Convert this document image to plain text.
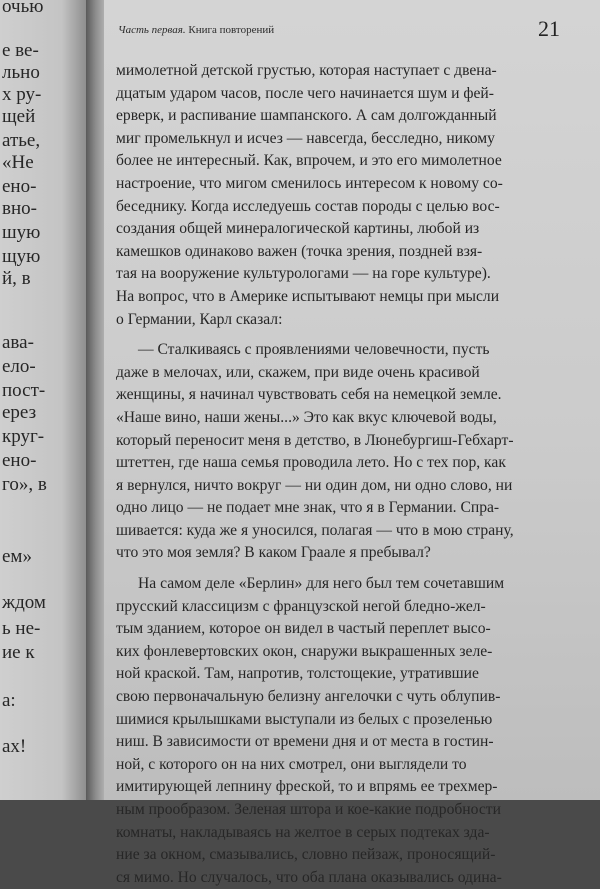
очью
е ве-
льно
х ру-
щей
атье,
«Не
ено-
вно-
шую
щую
й, в
ава-
ело-
пост-
ерез
круг-
ено-
го», в
ем»
ждом
ь не-
ие к
а:
ах!
Часть первая. Книга повторений	21
мимолетной детской грустью, которая наступает с двена-
дцатым ударом часов, после чего начинается шум и фей-
ерверк, и распивание шампанского. А сам долгожданный
миг промелькнул и исчез — навсегда, бесследно, никому
более не интересный. Как, впрочем, и это его мимолетное
настроение, что мигом сменилось интересом к новому со-
беседнику. Когда исследуешь состав породы с целью вос-
создания общей минералогической картины, любой из
камешков одинаково важен (точка зрения, поздней взя-
тая на вооружение культурологами — на горе культуре).
На вопрос, что в Америке испытывают немцы при мысли
о Германии, Карл сказал:
— Сталкиваясь с проявлениями человечности, пусть
даже в мелочах, или, скажем, при виде очень красивой
женщины, я начинал чувствовать себя на немецкой земле.
«Наше вино, наши жены...» Это как вкус ключевой воды,
который переносит меня в детство, в Люнебургиш-Гебхарт-
штеттен, где наша семья проводила лето. Но с тех пор, как
я вернулся, ничто вокруг — ни один дом, ни одно слово, ни
одно лицо — не подает мне знак, что я в Германии. Спра-
шивается: куда же я уносился, полагая — что в мою страну,
что это моя земля? В каком Граале я пребывал?
На самом деле «Берлин» для него был тем сочетавшим
прусский классицизм с французской негой бледно-жел-
тым зданием, которое он видел в частый переплет высо-
ких фонлевертовских окон, снаружи выкрашенных зеле-
ной краской. Там, напротив, толстощекие, утратившие
свою первоначальную белизну ангелочки с чуть облупив-
шимися крылышками выступали из белых с прозеленью
ниш. В зависимости от времени дня и от места в гостин-
ной, с которого он на них смотрел, они выглядели то
имитирующей лепнину фреской, то и впрямь ее трехмер-
ным прообразом. Зеленая штора и кое-какие подробности
комнаты, накладываясь на желтое в серых подтеках зда-
ние за окном, смазывались, словно пейзаж, проносящий-
ся мимо. Но случалось, что оба плана оказывались одина-
